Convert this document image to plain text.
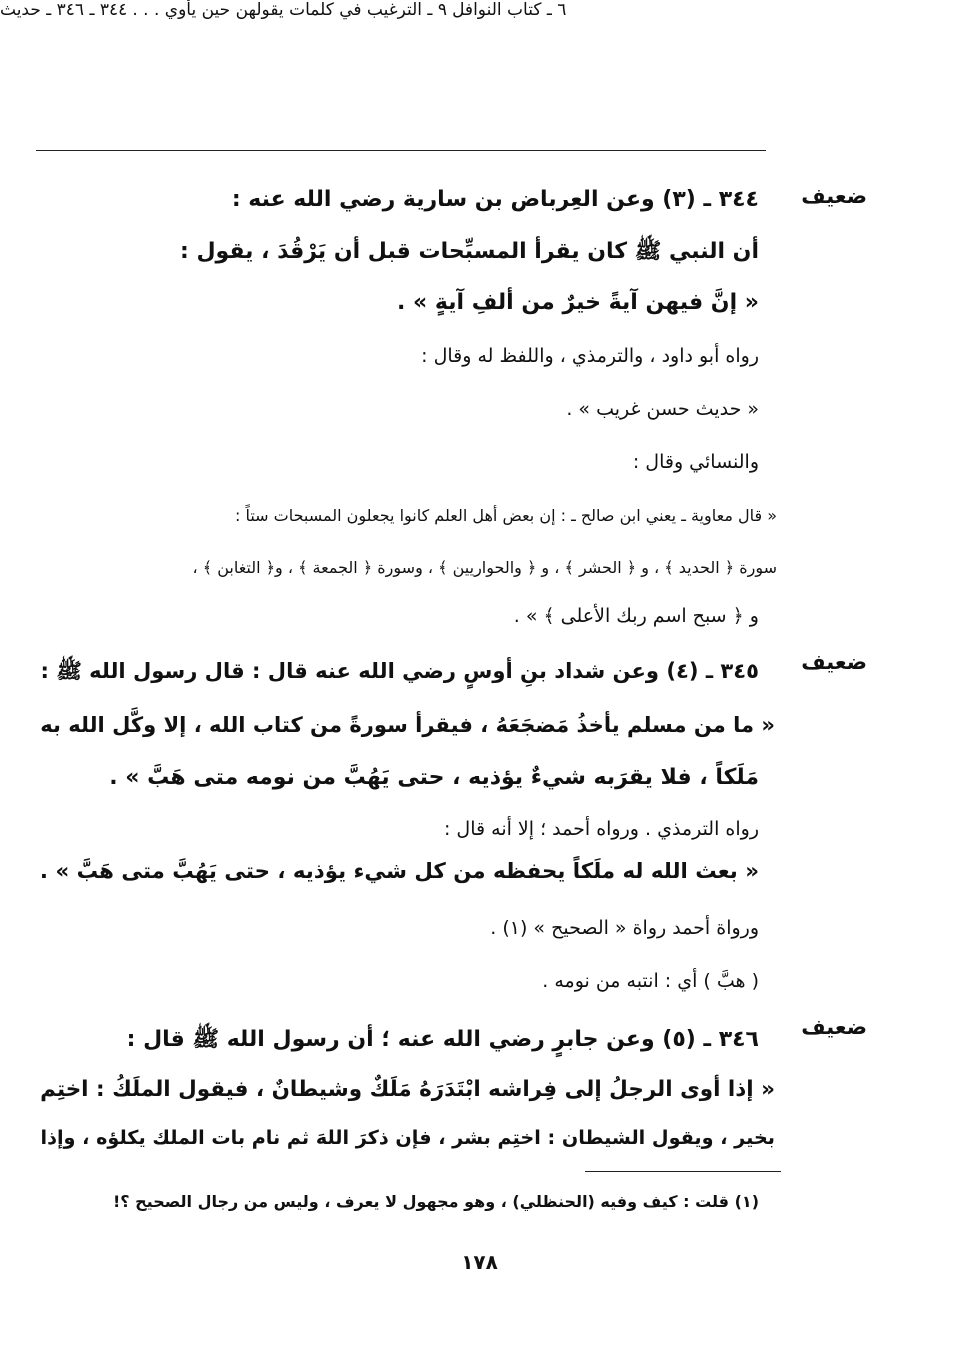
٦ ـ كتاب النوافل ٩ ـ الترغيب في كلمات يقولهن حين يأوي . . . ٣٤٤ ـ ٣٤٦ ـ حديث
ضعيف
٣٤٤ ـ (٣) وعن العِرباض بن سارية رضي الله عنه :
أن النبي ﷺ كان يقرأ المسبِّحات قبل أن يَرْقُدَ ، يقول :
« إنَّ فيهن آيةً خيرٌ من ألفِ آيةٍ » .
رواه أبو داود ، والترمذي ، واللفظ له وقال :
« حديث حسن غريب » .
والنسائي وقال :
« قال معاوية ـ يعني ابن صالح ـ : إن بعض أهل العلم كانوا يجعلون المسبحات ستاً :
سورة ﴿ الحديد ﴾ ، و ﴿ الحشر ﴾ ، و ﴿ والحواريين ﴾ ، وسورة ﴿ الجمعة ﴾ ، و﴿ التغابن ﴾ ،
و ﴿ سبح اسم ربك الأعلى ﴾ » .
ضعيف
٣٤٥ ـ (٤) وعن شداد بنِ أوسٍ رضي الله عنه قال : قال رسول الله ﷺ :
« ما من مسلم يأخذُ مَضجَعَهُ ، فيقرأ سورةً من كتاب الله ، إلا وكَّل الله به
مَلَكاً ، فلا يقرَبه شيءٌ يؤذيه ، حتى يَهُبَّ من نومه متى هَبَّ » .
رواه الترمذي . ورواه أحمد ؛ إلا أنه قال :
« بعث الله له ملَكاً يحفظه من كل شيء يؤذيه ، حتى يَهُبَّ متى هَبَّ » .
ورواة أحمد رواة « الصحيح » (١) .
( هبَّ ) أي : انتبه من نومه .
ضعيف
٣٤٦ ـ (٥) وعن جابرٍ رضي الله عنه ؛ أن رسول الله ﷺ قال :
« إذا أوى الرجلُ إلى فِراشه ابْتَدَرَهُ مَلَكٌ وشيطانٌ ، فيقول الملَكُ : اختِم
بخير ، ويقول الشيطان : اختِم بشر ، فإن ذكرَ اللهَ ثم نام بات الملك يكلؤه ، وإذا
(١) قلت : كيف وفيه (الحنظلي) ، وهو مجهول لا يعرف ، وليس من رجال الصحيح ؟!
١٧٨
